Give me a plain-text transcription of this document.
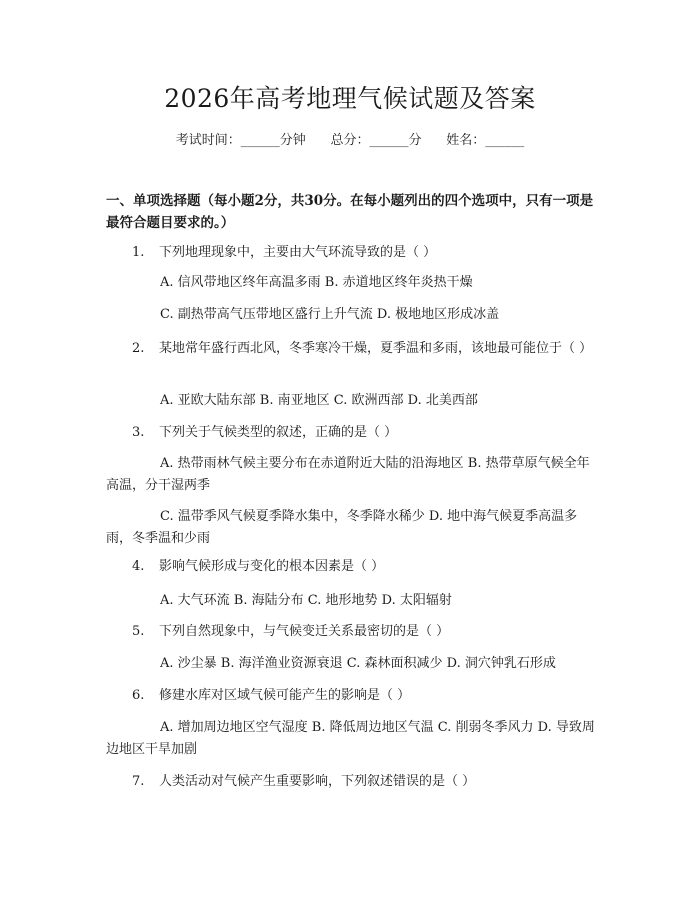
2026年高考地理气候试题及答案
考试时间：______分钟      总分：______分      姓名：______
一、单项选择题（每小题2分，共30分。在每小题列出的四个选项中，只有一项是最符合题目要求的。）

1. 下列地理现象中，主要由大气环流导致的是（ ）

A. 信风带地区终年高温多雨 B. 赤道地区终年炎热干燥

C. 副热带高气压带地区盛行上升气流 D. 极地地区形成冰盖

2. 某地常年盛行西北风，冬季寒冷干燥，夏季温和多雨，该地最可能位于（ ）

A. 亚欧大陆东部 B. 南亚地区 C. 欧洲西部 D. 北美西部

3. 下列关于气候类型的叙述，正确的是（ ）

A. 热带雨林气候主要分布在赤道附近大陆的沿海地区 B. 热带草原气候全年高温，分干湿两季

C. 温带季风气候夏季降水集中，冬季降水稀少 D. 地中海气候夏季高温多雨，冬季温和少雨

4. 影响气候形成与变化的根本因素是（ ）

A. 大气环流 B. 海陆分布 C. 地形地势 D. 太阳辐射

5. 下列自然现象中，与气候变迁关系最密切的是（ ）

A. 沙尘暴 B. 海洋渔业资源衰退 C. 森林面积减少 D. 洞穴钟乳石形成

6. 修建水库对区域气候可能产生的影响是（ ）

A. 增加周边地区空气湿度 B. 降低周边地区气温 C. 削弱冬季风力 D. 导致周边地区干旱加剧

7. 人类活动对气候产生重要影响，下列叙述错误的是（ ）
